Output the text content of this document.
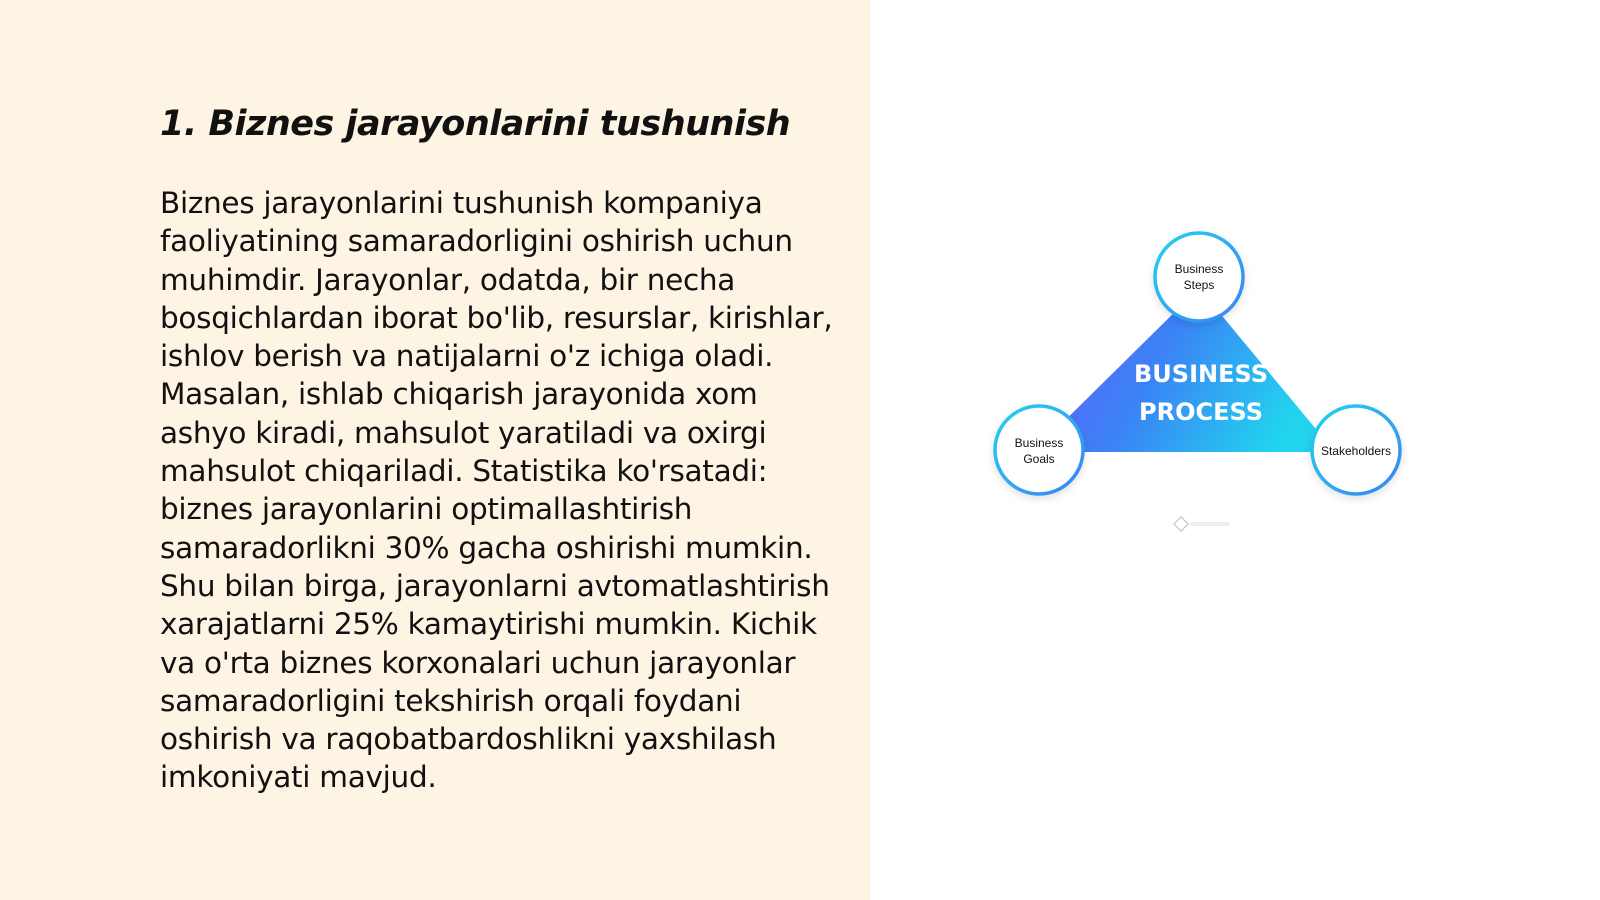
1. Biznes jarayonlarini tushunish

Biznes jarayonlarini tushunish kompaniya faoliyatining samaradorligini oshirish uchun muhimdir. Jarayonlar, odatda, bir necha bosqichlardan iborat bo'lib, resurslar, kirishlar, ishlov berish va natijalarni o'z ichiga oladi. Masalan, ishlab chiqarish jarayonida xom ashyo kiradi, mahsulot yaratiladi va oxirgi mahsulot chiqariladi. Statistika ko'rsatadi: biznes jarayonlarini optimallashtirish samaradorlikni 30% gacha oshirishi mumkin. Shu bilan birga, jarayonlarni avtomatlashtirish xarajatlarni 25% kamaytirishi mumkin. Kichik va o'rta biznes korxonalari uchun jarayonlar samaradorligini tekshirish orqali foydani oshirish va raqobatbardoshlikni yaxshilash imkoniyati mavjud.

BUSINESS
PROCESS
Business
Steps
Business
Goals
Stakeholders
